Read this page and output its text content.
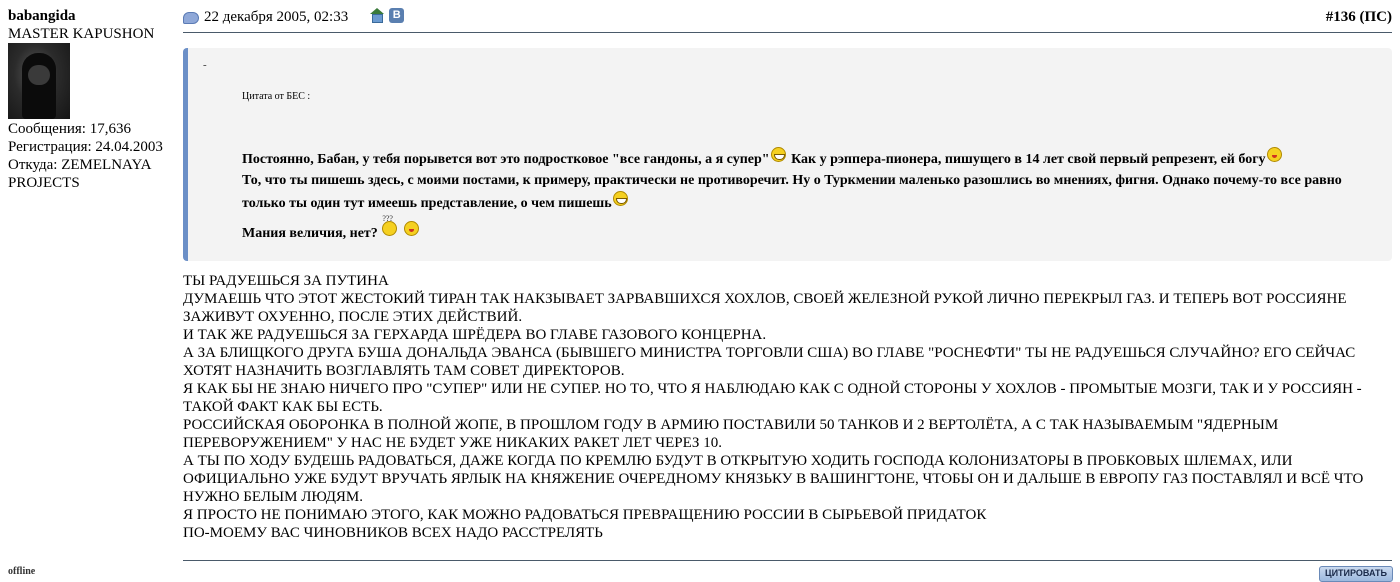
babangida
MASTER KAPUSHON
Сообщения: 17,636
Регистрация: 24.04.2003
Откуда: ZEMELNAYA PROJECTS
offline
22 декабря 2005, 02:33	В	#136 (ПС)
-
Цитата от БЕС :

Постоянно, Бабан, у тебя порывется вот это подростковое "все гандоны, а я супер" Как у рэппера-пионера, пишущего в 14 лет свой первый репрезент, ей богу

То, что ты пишешь здесь, с моими постами, к примеру, практически не противоречит. Ну о Туркмении маленько разошлись во мнениях, фигня. Однако почему-то все равно только ты один тут имеешь представление, о чем пишешь

Мания величия, нет? ???

ТЫ РАДУЕШЬСЯ ЗА ПУТИНА

ДУМАЕШЬ ЧТО ЭТОТ ЖЕСТОКИЙ ТИРАН ТАК НАКЗЫВАЕТ ЗАРВАВШИХСЯ ХОХЛОВ, СВОЕЙ ЖЕЛЕЗНОЙ РУКОЙ ЛИЧНО ПЕРЕКРЫЛ ГАЗ. И ТЕПЕРЬ ВОТ РОССИЯНЕ ЗАЖИВУТ ОХУЕННО, ПОСЛЕ ЭТИХ ДЕЙСТВИЙ.

И ТАК ЖЕ РАДУЕШЬСЯ ЗА ГЕРХАРДА ШРЁДЕРА ВО ГЛАВЕ ГАЗОВОГО КОНЦЕРНА.

А ЗА БЛИЩКОГО ДРУГА БУША ДОНАЛЬДА ЭВАНСА (БЫВШЕГО МИНИСТРА ТОРГОВЛИ США) ВО ГЛАВЕ "РОСНЕФТИ" ТЫ НЕ РАДУЕШЬСЯ СЛУЧАЙНО? ЕГО СЕЙЧАС ХОТЯТ НАЗНАЧИТЬ ВОЗГЛАВЛЯТЬ ТАМ СОВЕТ ДИРЕКТОРОВ.

Я КАК БЫ НЕ ЗНАЮ НИЧЕГО ПРО "СУПЕР" ИЛИ НЕ СУПЕР. НО ТО, ЧТО Я НАБЛЮДАЮ КАК С ОДНОЙ СТОРОНЫ У ХОХЛОВ - ПРОМЫТЫЕ МОЗГИ, ТАК И У РОССИЯН - ТАКОЙ ФАКТ КАК БЫ ЕСТЬ.

РОССИЙСКАЯ ОБОРОНКА В ПОЛНОЙ ЖОПЕ, В ПРОШЛОМ ГОДУ В АРМИЮ ПОСТАВИЛИ 50 ТАНКОВ И 2 ВЕРТОЛЁТА, А С ТАК НАЗЫВАЕМЫМ "ЯДЕРНЫМ ПЕРЕВОРУЖЕНИЕМ" У НАС НЕ БУДЕТ УЖЕ НИКАКИХ РАКЕТ ЛЕТ ЧЕРЕЗ 10.

А ТЫ ПО ХОДУ БУДЕШЬ РАДОВАТЬСЯ, ДАЖЕ КОГДА ПО КРЕМЛЮ БУДУТ В ОТКРЫТУЮ ХОДИТЬ ГОСПОДА КОЛОНИЗАТОРЫ В ПРОБКОВЫХ ШЛЕМАХ, ИЛИ ОФИЦИАЛЬНО УЖЕ БУДУТ ВРУЧАТЬ ЯРЛЫК НА КНЯЖЕНИЕ ОЧЕРЕДНОМУ КНЯЗЬКУ В ВАШИНГТОНЕ, ЧТОБЫ ОН И ДАЛЬШЕ В ЕВРОПУ ГАЗ ПОСТАВЛЯЛ И ВСЁ ЧТО НУЖНО БЕЛЫМ ЛЮДЯМ.

Я ПРОСТО НЕ ПОНИМАЮ ЭТОГО, КАК МОЖНО РАДОВАТЬСЯ ПРЕВРАЩЕНИЮ РОССИИ В СЫРЬЕВОЙ ПРИДАТОК

ПО-МОЕМУ ВАС ЧИНОВНИКОВ ВСЕХ НАДО РАССТРЕЛЯТЬ

ЦИТИРОВАТЬ
